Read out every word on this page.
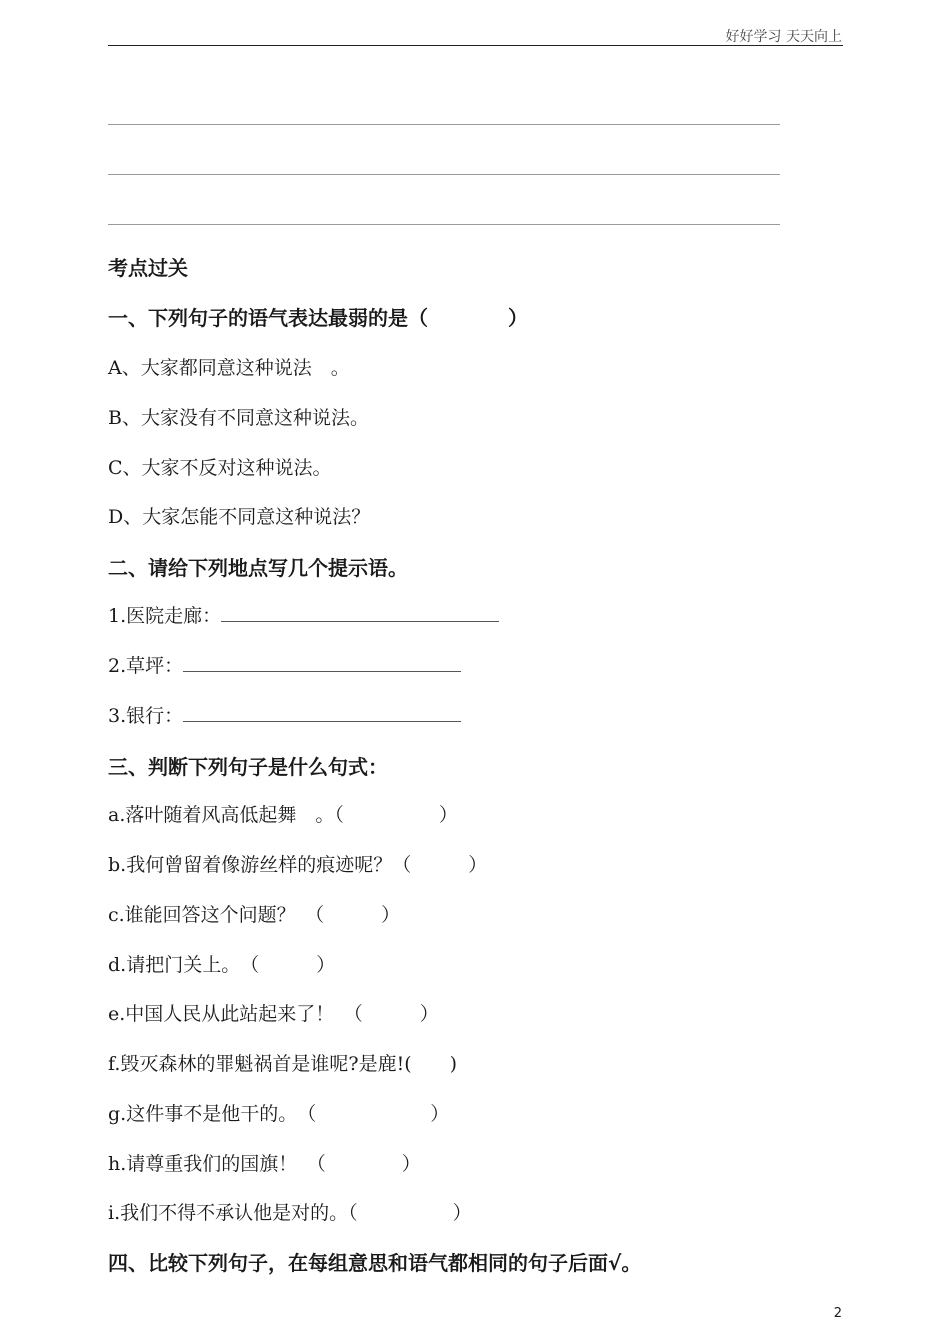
好好学习 天天向上
考点过关
一、下列句子的语气表达最弱的是（　　　　）
A、大家都同意这种说法　。
B、大家没有不同意这种说法。
C、大家不反对这种说法。
D、大家怎能不同意这种说法？
二、请给下列地点写几个提示语。
1.医院走廊：
2.草坪：
3.银行：
三、判断下列句子是什么句式：
a.落叶随着风高低起舞　。（　　　　　）
b.我何曾留着像游丝样的痕迹呢？（　　　）
c.谁能回答这个问题？　（　　　）
d.请把门关上。　（　　　）
e.中国人民从此站起来了！　（　　　）
f.毁灭森林的罪魁祸首是谁呢?是鹿!(　　)
g.这件事不是他干的。　（　　　　　　）
h.请尊重我们的国旗！　（　　　　）
i.我们不得不承认他是对的。（　　　　　）
四、比较下列句子，在每组意思和语气都相同的句子后面√。
2
